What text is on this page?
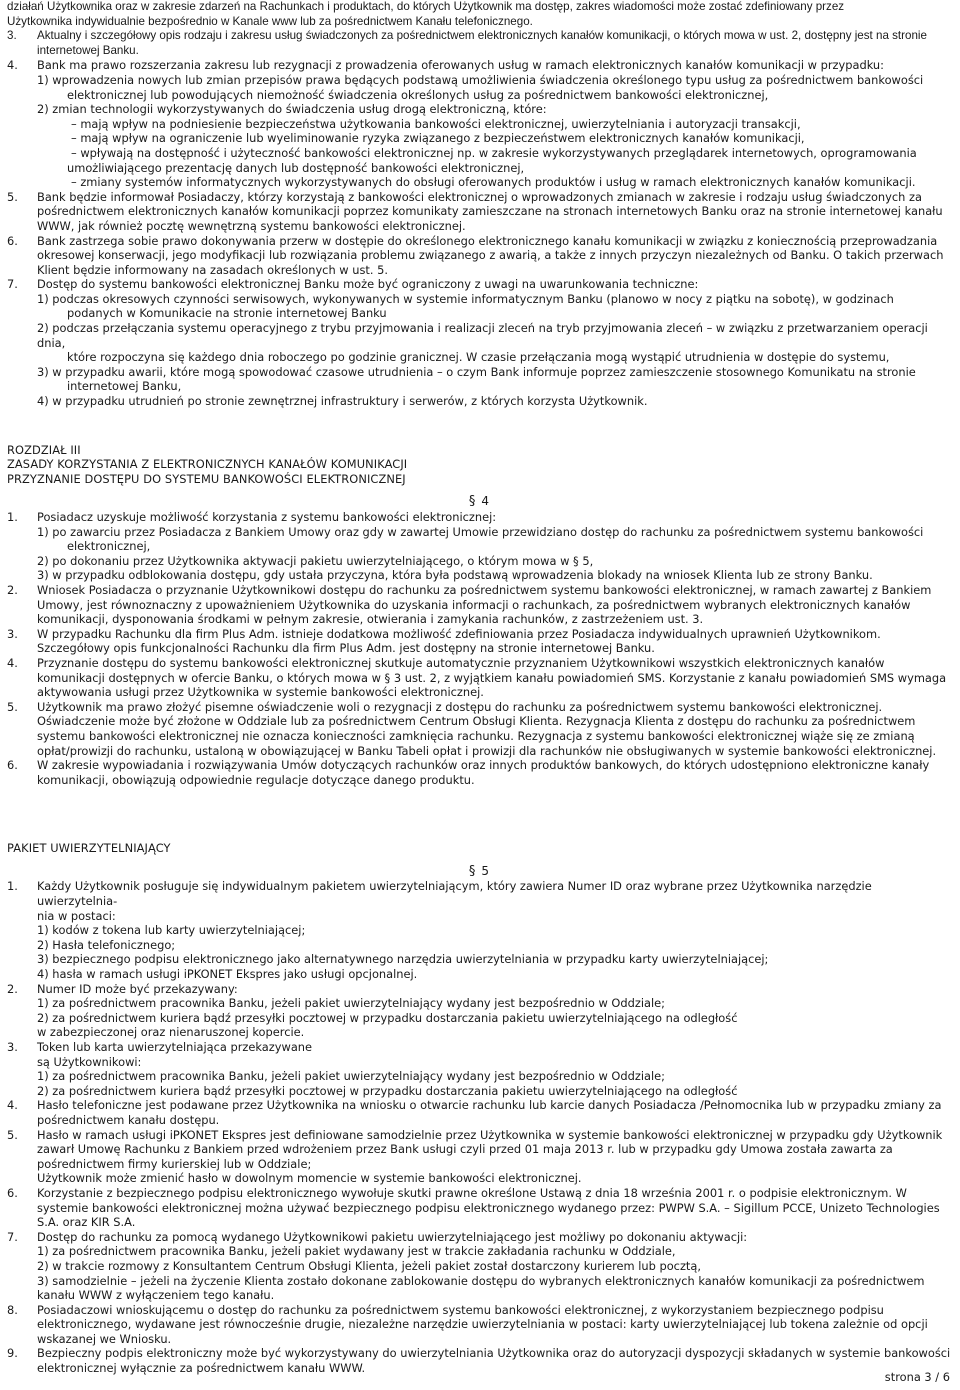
działań Użytkownika oraz w zakresie zdarzeń na Rachunkach i produktach, do których Użytkownik ma dostęp, zakres wiadomości może zostać zdefiniowany przez
Użytkownika indywidualnie bezpośrednio w Kanale www lub za pośrednictwem Kanału telefonicznego.
3. Aktualny i szczegółowy opis rodzaju i zakresu usług świadczonych za pośrednictwem elektronicznych kanałów komunikacji, o których mowa w ust. 2, dostępny jest na stronie internetowej Banku.
4. Bank ma prawo rozszerzania zakresu lub rezygnacji z prowadzenia oferowanych usług w ramach elektronicznych kanałów komunikacji w przypadku:
1) wprowadzenia nowych lub zmian przepisów prawa będących podstawą umożliwienia świadczenia określonego typu usług za pośrednictwem bankowości
elektronicznej lub powodujących niemożność świadczenia określonych usług za pośrednictwem bankowości elektronicznej,
2) zmian technologii wykorzystywanych do świadczenia usług drogą elektroniczną, które:
– mają wpływ na podniesienie bezpieczeństwa użytkowania bankowości elektronicznej, uwierzytelniania i autoryzacji transakcji,
– mają wpływ na ograniczenie lub wyeliminowanie ryzyka związanego z bezpieczeństwem elektronicznych kanałów komunikacji,
– wpływają na dostępność i użyteczność bankowości elektronicznej np. w zakresie wykorzystywanych przeglądarek internetowych, oprogramowania
umożliwiającego prezentację danych lub dostępność bankowości elektronicznej,
– zmiany systemów informatycznych wykorzystywanych do obsługi oferowanych produktów i usług w ramach elektronicznych kanałów komunikacji.
5. Bank będzie informował Posiadaczy, którzy korzystają z bankowości elektronicznej o wprowadzonych zmianach w zakresie i rodzaju usług świadczonych za pośrednictwem elektronicznych kanałów komunikacji poprzez komunikaty zamieszczane na stronach internetowych Banku oraz na stronie internetowej kanału WWW, jak również pocztę wewnętrzną systemu bankowości elektronicznej.
6. Bank zastrzega sobie prawo dokonywania przerw w dostępie do określonego elektronicznego kanału komunikacji w związku z koniecznością przeprowadzania okresowej konserwacji, jego modyfikacji lub rozwiązania problemu związanego z awarią, a także z innych przyczyn niezależnych od Banku. O takich przerwach Klient będzie informowany na zasadach określonych w ust. 5.
7. Dostęp do systemu bankowości elektronicznej Banku może być ograniczony z uwagi na uwarunkowania techniczne:
1) podczas okresowych czynności serwisowych, wykonywanych w systemie informatycznym Banku (planowo w nocy z piątku na sobotę), w godzinach
podanych w Komunikacie na stronie internetowej Banku
2) podczas przełączania systemu operacyjnego z trybu przyjmowania i realizacji zleceń na tryb przyjmowania zleceń – w związku z przetwarzaniem operacji dnia,
które rozpoczyna się każdego dnia roboczego po godzinie granicznej. W czasie przełączania mogą wystąpić utrudnienia w dostępie do systemu,
3) w przypadku awarii, które mogą spowodować czasowe utrudnienia – o czym Bank informuje poprzez zamieszczenie stosownego Komunikatu na stronie
internetowej Banku,
4) w przypadku utrudnień po stronie zewnętrznej infrastruktury i serwerów, z których korzysta Użytkownik.
ROZDZIAŁ III
ZASADY KORZYSTANIA Z ELEKTRONICZNYCH KANAŁÓW KOMUNIKACJI
PRZYZNANIE DOSTĘPU DO SYSTEMU BANKOWOŚCI ELEKTRONICZNEJ
§ 4
1. Posiadacz uzyskuje możliwość korzystania z systemu bankowości elektronicznej:
1) po zawarciu przez Posiadacza z Bankiem Umowy oraz gdy w zawartej Umowie przewidziano dostęp do rachunku za pośrednictwem systemu bankowości
elektronicznej,
2) po dokonaniu przez Użytkownika aktywacji pakietu uwierzytelniającego, o którym mowa w § 5,
3) w przypadku odblokowania dostępu, gdy ustała przyczyna, która była podstawą wprowadzenia blokady na wniosek Klienta lub ze strony Banku.
2. Wniosek Posiadacza o przyznanie Użytkownikowi dostępu do rachunku za pośrednictwem systemu bankowości elektronicznej, w ramach zawartej z Bankiem Umowy, jest równoznaczny z upoważnieniem Użytkownika do uzyskania informacji o rachunkach, za pośrednictwem wybranych elektronicznych kanałów komunikacji, dysponowania środkami w pełnym zakresie, otwierania i zamykania rachunków, z zastrzeżeniem ust. 3.
3. W przypadku Rachunku dla firm Plus Adm. istnieje dodatkowa możliwość zdefiniowania przez Posiadacza indywidualnych uprawnień Użytkownikom. Szczegółowy opis funkcjonalności Rachunku dla firm Plus Adm. jest dostępny na stronie internetowej Banku.
4. Przyznanie dostępu do systemu bankowości elektronicznej skutkuje automatycznie przyznaniem Użytkownikowi wszystkich elektronicznych kanałów komunikacji dostępnych w ofercie Banku, o których mowa w § 3 ust. 2, z wyjątkiem kanału powiadomień SMS. Korzystanie z kanału powiadomień SMS wymaga aktywowania usługi przez Użytkownika w systemie bankowości elektronicznej.
5. Użytkownik ma prawo złożyć pisemne oświadczenie woli o rezygnacji z dostępu do rachunku za pośrednictwem systemu bankowości elektronicznej. Oświadczenie może być złożone w Oddziale lub za pośrednictwem Centrum Obsługi Klienta. Rezygnacja Klienta z dostępu do rachunku za pośrednictwem systemu bankowości elektronicznej nie oznacza konieczności zamknięcia rachunku. Rezygnacja z systemu bankowości elektronicznej wiąże się ze zmianą opłat/prowizji do rachunku, ustaloną w obowiązującej w Banku Tabeli opłat i prowizji dla rachunków nie obsługiwanych w systemie bankowości elektronicznej.
6. W zakresie wypowiadania i rozwiązywania Umów dotyczących rachunków oraz innych produktów bankowych, do których udostępniono elektroniczne kanały komunikacji, obowiązują odpowiednie regulacje dotyczące danego produktu.
PAKIET UWIERZYTELNIAJĄCY
§ 5
1. Każdy Użytkownik posługuje się indywidualnym pakietem uwierzytelniającym, który zawiera Numer ID oraz wybrane przez Użytkownika narzędzie uwierzytelnia-
nia w postaci:
1) kodów z tokena lub karty uwierzytelniającej;
2) Hasła telefonicznego;
3) bezpiecznego podpisu elektronicznego jako alternatywnego narzędzia uwierzytelniania w przypadku karty uwierzytelniającej;
4) hasła w ramach usługi iPKONET Ekspres jako usługi opcjonalnej.
2. Numer ID może być przekazywany:
1) za pośrednictwem pracownika Banku, jeżeli pakiet uwierzytelniający wydany jest bezpośrednio w Oddziale;
2) za pośrednictwem kuriera bądź przesyłki pocztowej w przypadku dostarczania pakietu uwierzytelniającego na odległość
w zabezpieczonej oraz nienaruszonej kopercie.
3. Token lub karta uwierzytelniająca przekazywane
są Użytkownikowi:
1) za pośrednictwem pracownika Banku, jeżeli pakiet uwierzytelniający wydany jest bezpośrednio w Oddziale;
2) za pośrednictwem kuriera bądź przesyłki pocztowej w przypadku dostarczania pakietu uwierzytelniającego na odległość
4. Hasło telefoniczne jest podawane przez Użytkownika na wniosku o otwarcie rachunku lub karcie danych Posiadacza /Pełnomocnika lub w przypadku zmiany za pośrednictwem kanału dostępu.
5. Hasło w ramach usługi iPKONET Ekspres jest definiowane samodzielnie przez Użytkownika w systemie bankowości elektronicznej w przypadku gdy Użytkownik zawarł Umowę Rachunku z Bankiem przed wdrożeniem przez Bank usługi czyli przed 01 maja 2013 r. lub w przypadku gdy Umowa została zawarta za pośrednictwem firmy kurierskiej lub w Oddziale;
Użytkownik może zmienić hasło w dowolnym momencie w systemie bankowości elektronicznej.
6. Korzystanie z bezpiecznego podpisu elektronicznego wywołuje skutki prawne określone Ustawą z dnia 18 września 2001 r. o podpisie elektronicznym. W systemie bankowości elektronicznej można używać bezpiecznego podpisu elektronicznego wydanego przez: PWPW S.A. – Sigillum PCCE, Unizeto Technologies S.A. oraz KIR S.A.
7. Dostęp do rachunku za pomocą wydanego Użytkownikowi pakietu uwierzytelniającego jest możliwy po dokonaniu aktywacji:
1) za pośrednictwem pracownika Banku, jeżeli pakiet wydawany jest w trakcie zakładania rachunku w Oddziale,
2) w trakcie rozmowy z Konsultantem Centrum Obsługi Klienta, jeżeli pakiet został dostarczony kurierem lub pocztą,
3) samodzielnie – jeżeli na życzenie Klienta zostało dokonane zablokowanie dostępu do wybranych elektronicznych kanałów komunikacji za pośrednictwem
kanału WWW z wyłączeniem tego kanału.
8. Posiadaczowi wnioskującemu o dostęp do rachunku za pośrednictwem systemu bankowości elektronicznej, z wykorzystaniem bezpiecznego podpisu elektronicznego, wydawane jest równocześnie drugie, niezależne narzędzie uwierzytelniania w postaci: karty uwierzytelniającej lub tokena zależnie od opcji wskazanej we Wniosku.
9. Bezpieczny podpis elektroniczny może być wykorzystywany do uwierzytelniania Użytkownika oraz do autoryzacji dyspozycji składanych w systemie bankowości elektronicznej wyłącznie za pośrednictwem kanału WWW.
strona 3 / 6
